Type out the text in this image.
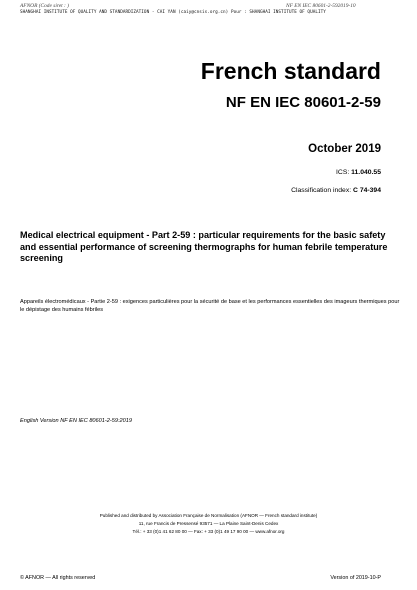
AFNOR (Code siret : )	NF EN IEC 80601-2-592019-10
SHANGHAI INSTITUTE OF QUALITY AND STANDARDIZATION - CAI YAN (caiy@cnsis.org.cn) Pour : SHANGHAI INSTITUTE OF QUALITY
French standard
NF EN IEC 80601-2-59
October 2019
ICS: 11.040.55
Classification index: C 74-394
Medical electrical equipment - Part 2-59 : particular requirements for the basic safety and essential performance of screening thermographs for human febrile temperature screening
Appareils électromédicaux - Partie 2-59 : exigences particulières pour la sécurité de base et les performances essentielles des imageurs thermiques pour le dépistage des humains fébriles
English Version NF EN IEC 80601-2-59:2019
Published and distributed by Association Française de Normalisation (AFNOR — French standard institute)
11, rue Francis de Pressensé 93571 — La Plaine Saint-Denis Cedex
Tél.: + 33 (0)1 41 62 80 00 — Fax: + 33 (0)1 49 17 90 00 — www.afnor.org
© AFNOR — All rights reserved	Version of 2019-10-P
